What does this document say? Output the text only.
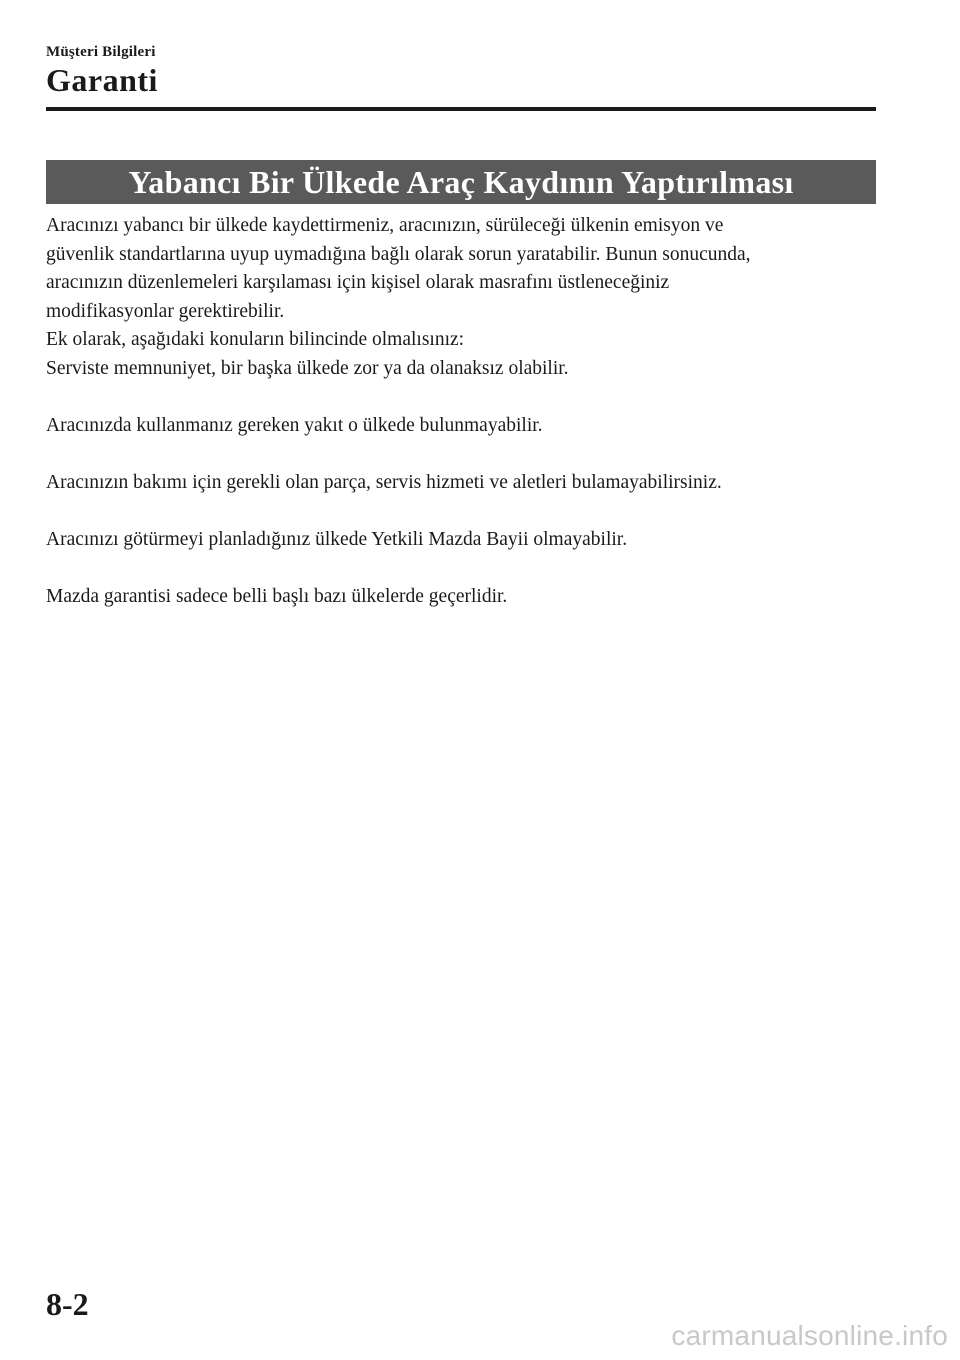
Müşteri Bilgileri
Garanti
Yabancı Bir Ülkede Araç Kaydının Yaptırılması

Aracınızı yabancı bir ülkede kaydettirmeniz, aracınızın, sürüleceği ülkenin emisyon ve

güvenlik standartlarına uyup uymadığına bağlı olarak sorun yaratabilir. Bunun sonucunda,

aracınızın düzenlemeleri karşılaması için kişisel olarak masrafını üstleneceğiniz

modifikasyonlar gerektirebilir.

Ek olarak, aşağıdaki konuların bilincinde olmalısınız:

Serviste memnuniyet, bir başka ülkede zor ya da olanaksız olabilir.

Aracınızda kullanmanız gereken yakıt o ülkede bulunmayabilir.

Aracınızın bakımı için gerekli olan parça, servis hizmeti ve aletleri bulamayabilirsiniz.

Aracınızı götürmeyi planladığınız ülkede Yetkili Mazda Bayii olmayabilir.

Mazda garantisi sadece belli başlı bazı ülkelerde geçerlidir.

8-2
carmanualsonline.info
